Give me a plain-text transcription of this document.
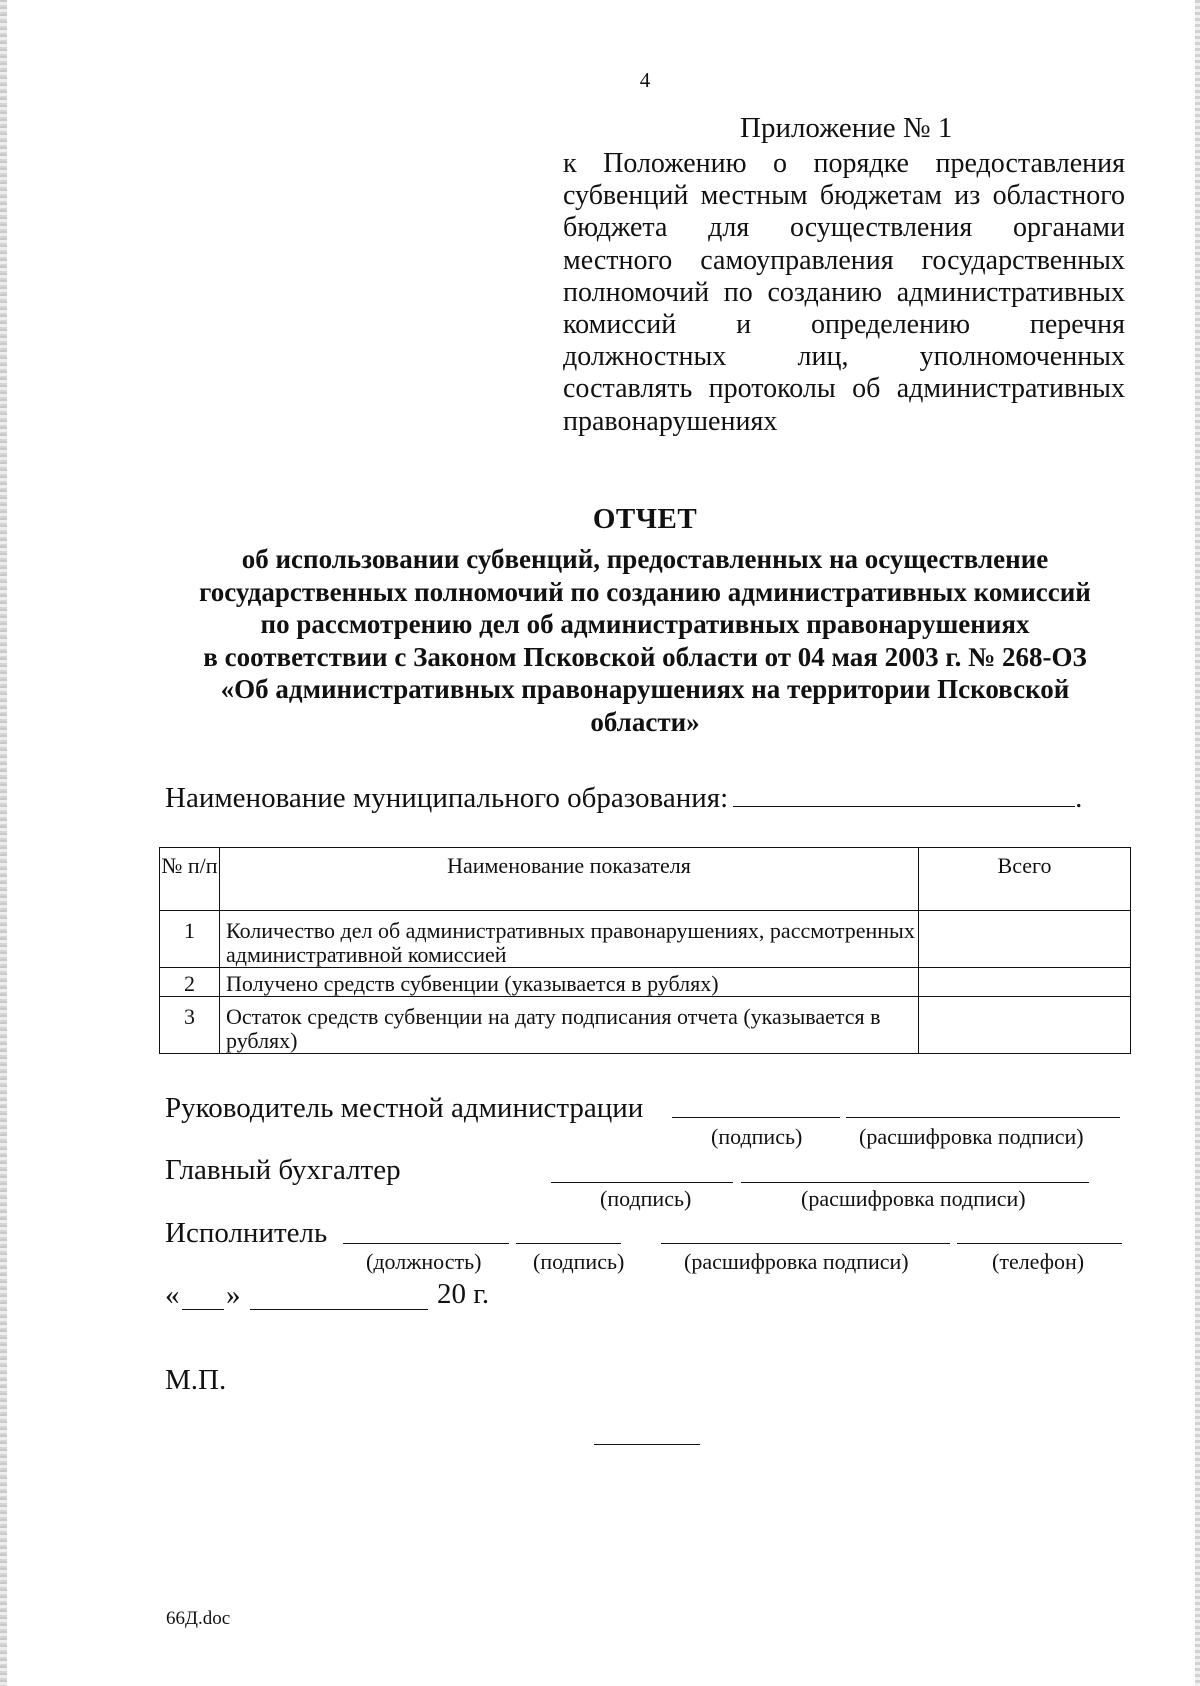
4
Приложение № 1
к Положению о порядке предоставления
субвенций местным бюджетам из областного
бюджета для осуществления органами
местного самоуправления государственных
полномочий по созданию административных
комиссий и определению перечня
должностных лиц, уполномоченных
составлять протоколы об административных
правонарушениях
ОТЧЕТ
об использовании субвенций, предоставленных на осуществление
государственных полномочий по созданию административных комиссий
по рассмотрению дел об административных правонарушениях
в соответствии с Законом Псковской области от 04 мая 2003 г. № 268-ОЗ
«Об административных правонарушениях на территории Псковской
области»
Наименование муниципального образования:	.
№ п/п	Наименование показателя	Всего
1	Количество дел об административных правонарушениях, рассмотренных административной комиссией	
2	Получено средств субвенции (указывается в рублях)	
3	Остаток средств субвенции на дату подписания отчета (указывается в рублях)	
Руководитель местной администрации
(подпись)	(расшифровка подписи)
Главный бухгалтер
(подпись)	(расшифровка подписи)
Исполнитель
(должность) (подпись)	(расшифровка подписи)	(телефон)
« »	20 г.
М.П.
66Д.doc
